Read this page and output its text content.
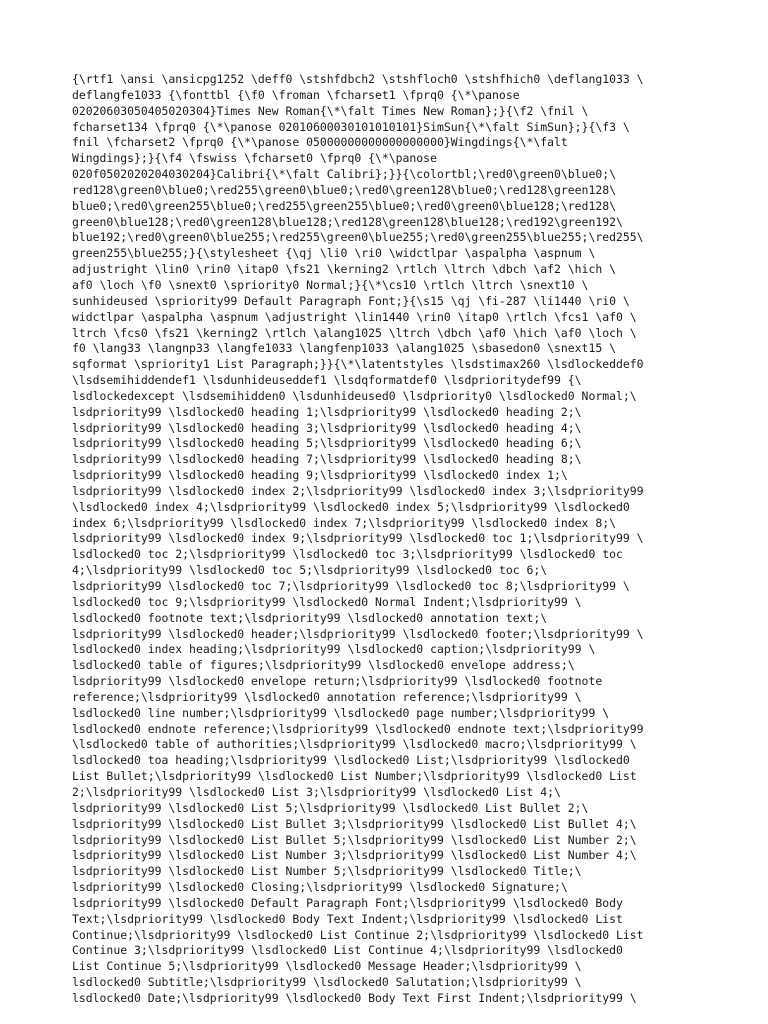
{\rtf1 \ansi \ansicpg1252 \deff0 \stshfdbch2 \stshfloch0 \stshfhich0 \deflang1033 \
deflangfe1033 {\fonttbl {\f0 \froman \fcharset1 \fprq0 {\*\panose
02020603050405020304}Times New Roman{\*\falt Times New Roman};}{\f2 \fnil \
fcharset134 \fprq0 {\*\panose 02010600030101010101}SimSun{\*\falt SimSun};}{\f3 \
fnil \fcharset2 \fprq0 {\*\panose 05000000000000000000}Wingdings{\*\falt
Wingdings};}{\f4 \fswiss \fcharset0 \fprq0 {\*\panose
020f0502020204030204}Calibri{\*\falt Calibri};}}{\colortbl;\red0\green0\blue0;\
red128\green0\blue0;\red255\green0\blue0;\red0\green128\blue0;\red128\green128\
blue0;\red0\green255\blue0;\red255\green255\blue0;\red0\green0\blue128;\red128\
green0\blue128;\red0\green128\blue128;\red128\green128\blue128;\red192\green192\
blue192;\red0\green0\blue255;\red255\green0\blue255;\red0\green255\blue255;\red255\
green255\blue255;}{\stylesheet {\qj \li0 \ri0 \widctlpar \aspalpha \aspnum \
adjustright \lin0 \rin0 \itap0 \fs21 \kerning2 \rtlch \ltrch \dbch \af2 \hich \
af0 \loch \f0 \snext0 \spriority0 Normal;}{\*\cs10 \rtlch \ltrch \snext10 \
sunhideused \spriority99 Default Paragraph Font;}{\s15 \qj \fi-287 \li1440 \ri0 \
widctlpar \aspalpha \aspnum \adjustright \lin1440 \rin0 \itap0 \rtlch \fcs1 \af0 \
ltrch \fcs0 \fs21 \kerning2 \rtlch \alang1025 \ltrch \dbch \af0 \hich \af0 \loch \
f0 \lang33 \langnp33 \langfe1033 \langfenp1033 \alang1025 \sbasedon0 \snext15 \
sqformat \spriority1 List Paragraph;}}{\*\latentstyles \lsdstimax260 \lsdlockeddef0
\lsdsemihiddendef1 \lsdunhideuseddef1 \lsdqformatdef0 \lsdprioritydef99 {\
lsdlockedexcept \lsdsemihidden0 \lsdunhideused0 \lsdpriority0 \lsdlocked0 Normal;\
lsdpriority99 \lsdlocked0 heading 1;\lsdpriority99 \lsdlocked0 heading 2;\
lsdpriority99 \lsdlocked0 heading 3;\lsdpriority99 \lsdlocked0 heading 4;\
lsdpriority99 \lsdlocked0 heading 5;\lsdpriority99 \lsdlocked0 heading 6;\
lsdpriority99 \lsdlocked0 heading 7;\lsdpriority99 \lsdlocked0 heading 8;\
lsdpriority99 \lsdlocked0 heading 9;\lsdpriority99 \lsdlocked0 index 1;\
lsdpriority99 \lsdlocked0 index 2;\lsdpriority99 \lsdlocked0 index 3;\lsdpriority99
\lsdlocked0 index 4;\lsdpriority99 \lsdlocked0 index 5;\lsdpriority99 \lsdlocked0
index 6;\lsdpriority99 \lsdlocked0 index 7;\lsdpriority99 \lsdlocked0 index 8;\
lsdpriority99 \lsdlocked0 index 9;\lsdpriority99 \lsdlocked0 toc 1;\lsdpriority99 \
lsdlocked0 toc 2;\lsdpriority99 \lsdlocked0 toc 3;\lsdpriority99 \lsdlocked0 toc
4;\lsdpriority99 \lsdlocked0 toc 5;\lsdpriority99 \lsdlocked0 toc 6;\
lsdpriority99 \lsdlocked0 toc 7;\lsdpriority99 \lsdlocked0 toc 8;\lsdpriority99 \
lsdlocked0 toc 9;\lsdpriority99 \lsdlocked0 Normal Indent;\lsdpriority99 \
lsdlocked0 footnote text;\lsdpriority99 \lsdlocked0 annotation text;\
lsdpriority99 \lsdlocked0 header;\lsdpriority99 \lsdlocked0 footer;\lsdpriority99 \
lsdlocked0 index heading;\lsdpriority99 \lsdlocked0 caption;\lsdpriority99 \
lsdlocked0 table of figures;\lsdpriority99 \lsdlocked0 envelope address;\
lsdpriority99 \lsdlocked0 envelope return;\lsdpriority99 \lsdlocked0 footnote
reference;\lsdpriority99 \lsdlocked0 annotation reference;\lsdpriority99 \
lsdlocked0 line number;\lsdpriority99 \lsdlocked0 page number;\lsdpriority99 \
lsdlocked0 endnote reference;\lsdpriority99 \lsdlocked0 endnote text;\lsdpriority99
\lsdlocked0 table of authorities;\lsdpriority99 \lsdlocked0 macro;\lsdpriority99 \
lsdlocked0 toa heading;\lsdpriority99 \lsdlocked0 List;\lsdpriority99 \lsdlocked0
List Bullet;\lsdpriority99 \lsdlocked0 List Number;\lsdpriority99 \lsdlocked0 List
2;\lsdpriority99 \lsdlocked0 List 3;\lsdpriority99 \lsdlocked0 List 4;\
lsdpriority99 \lsdlocked0 List 5;\lsdpriority99 \lsdlocked0 List Bullet 2;\
lsdpriority99 \lsdlocked0 List Bullet 3;\lsdpriority99 \lsdlocked0 List Bullet 4;\
lsdpriority99 \lsdlocked0 List Bullet 5;\lsdpriority99 \lsdlocked0 List Number 2;\
lsdpriority99 \lsdlocked0 List Number 3;\lsdpriority99 \lsdlocked0 List Number 4;\
lsdpriority99 \lsdlocked0 List Number 5;\lsdpriority99 \lsdlocked0 Title;\
lsdpriority99 \lsdlocked0 Closing;\lsdpriority99 \lsdlocked0 Signature;\
lsdpriority99 \lsdlocked0 Default Paragraph Font;\lsdpriority99 \lsdlocked0 Body
Text;\lsdpriority99 \lsdlocked0 Body Text Indent;\lsdpriority99 \lsdlocked0 List
Continue;\lsdpriority99 \lsdlocked0 List Continue 2;\lsdpriority99 \lsdlocked0 List
Continue 3;\lsdpriority99 \lsdlocked0 List Continue 4;\lsdpriority99 \lsdlocked0
List Continue 5;\lsdpriority99 \lsdlocked0 Message Header;\lsdpriority99 \
lsdlocked0 Subtitle;\lsdpriority99 \lsdlocked0 Salutation;\lsdpriority99 \
lsdlocked0 Date;\lsdpriority99 \lsdlocked0 Body Text First Indent;\lsdpriority99 \
